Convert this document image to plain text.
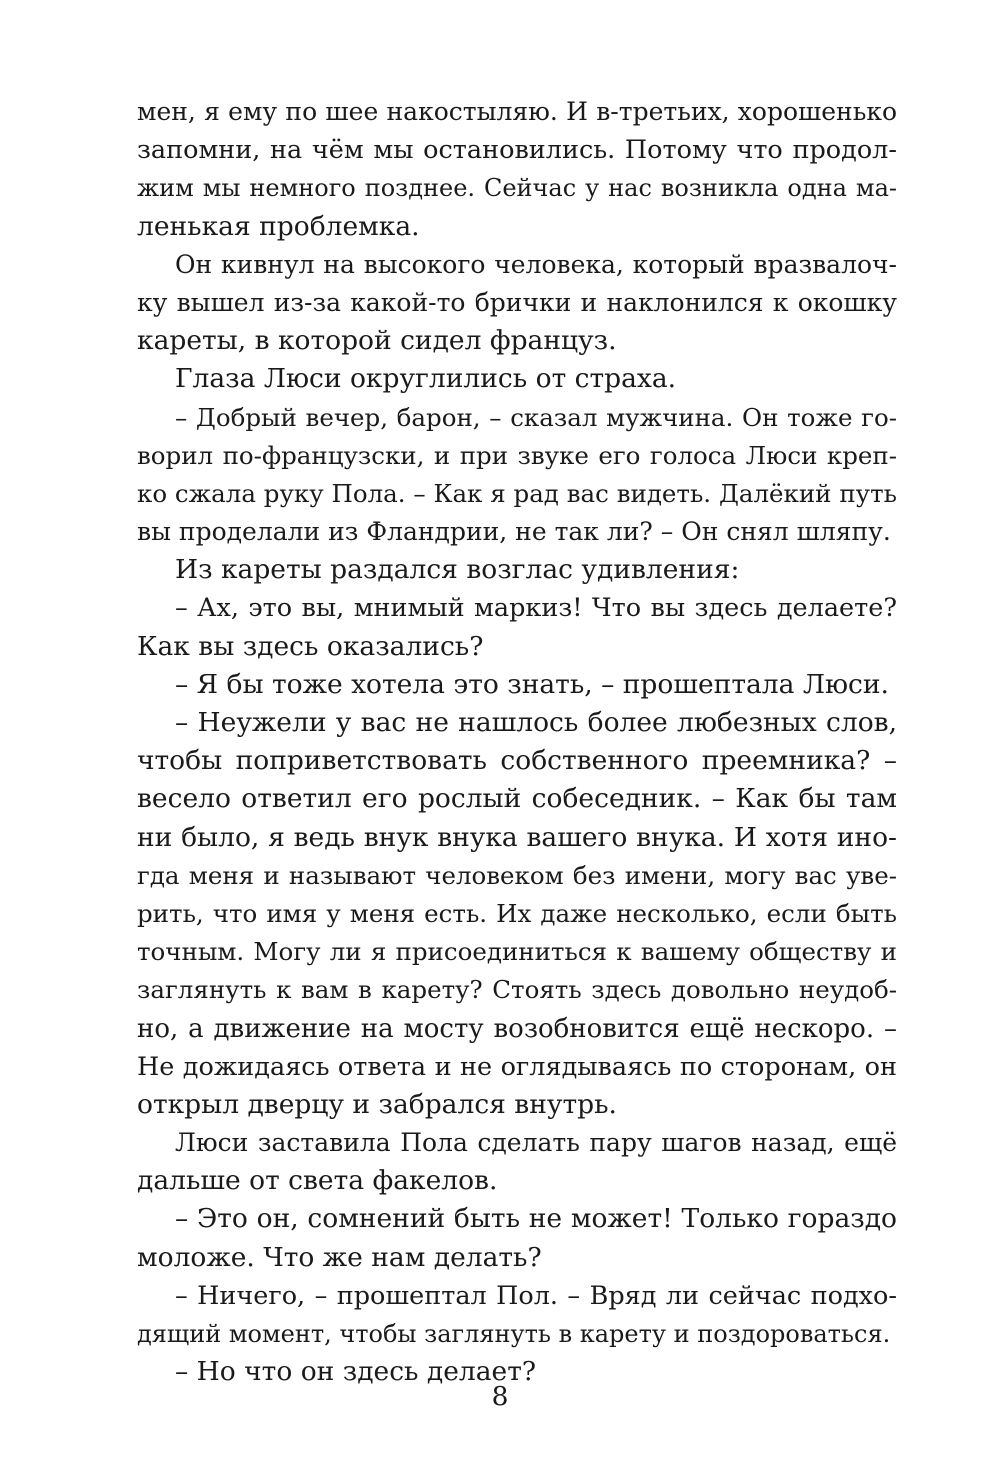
мен, я ему по шее накостыляю. И в-третьих, хорошенько
запомни, на чём мы остановились. Потому что продол-
жим мы немного позднее. Сейчас у нас возникла одна ма-
ленькая проблемка.
Он кивнул на высокого человека, который вразвалоч-
ку вышел из-за какой-то брички и наклонился к окошку
кареты, в которой сидел француз.
Глаза Люси округлились от страха.
– Добрый вечер, барон, – сказал мужчина. Он тоже го-
ворил по-французски, и при звуке его голоса Люси креп-
ко сжала руку Пола. – Как я рад вас видеть. Далёкий путь
вы проделали из Фландрии, не так ли? – Он снял шляпу.
Из кареты раздался возглас удивления:
– Ах, это вы, мнимый маркиз! Что вы здесь делаете?
Как вы здесь оказались?
– Я бы тоже хотела это знать, – прошептала Люси.
– Неужели у вас не нашлось более любезных слов,
чтобы поприветствовать собственного преемника? –
весело ответил его рослый собеседник. – Как бы там
ни было, я ведь внук внука вашего внука. И хотя ино-
гда меня и называют человеком без имени, могу вас уве-
рить, что имя у меня есть. Их даже несколько, если быть
точным. Могу ли я присоединиться к вашему обществу и
заглянуть к вам в карету? Стоять здесь довольно неудоб-
но, а движение на мосту возобновится ещё нескоро. –
Не дожидаясь ответа и не оглядываясь по сторонам, он
открыл дверцу и забрался внутрь.
Люси заставила Пола сделать пару шагов назад, ещё
дальше от света факелов.
– Это он, сомнений быть не может! Только гораздо
моложе. Что же нам делать?
– Ничего, – прошептал Пол. – Вряд ли сейчас подхо-
дящий момент, чтобы заглянуть в карету и поздороваться.
– Но что он здесь делает?
8
